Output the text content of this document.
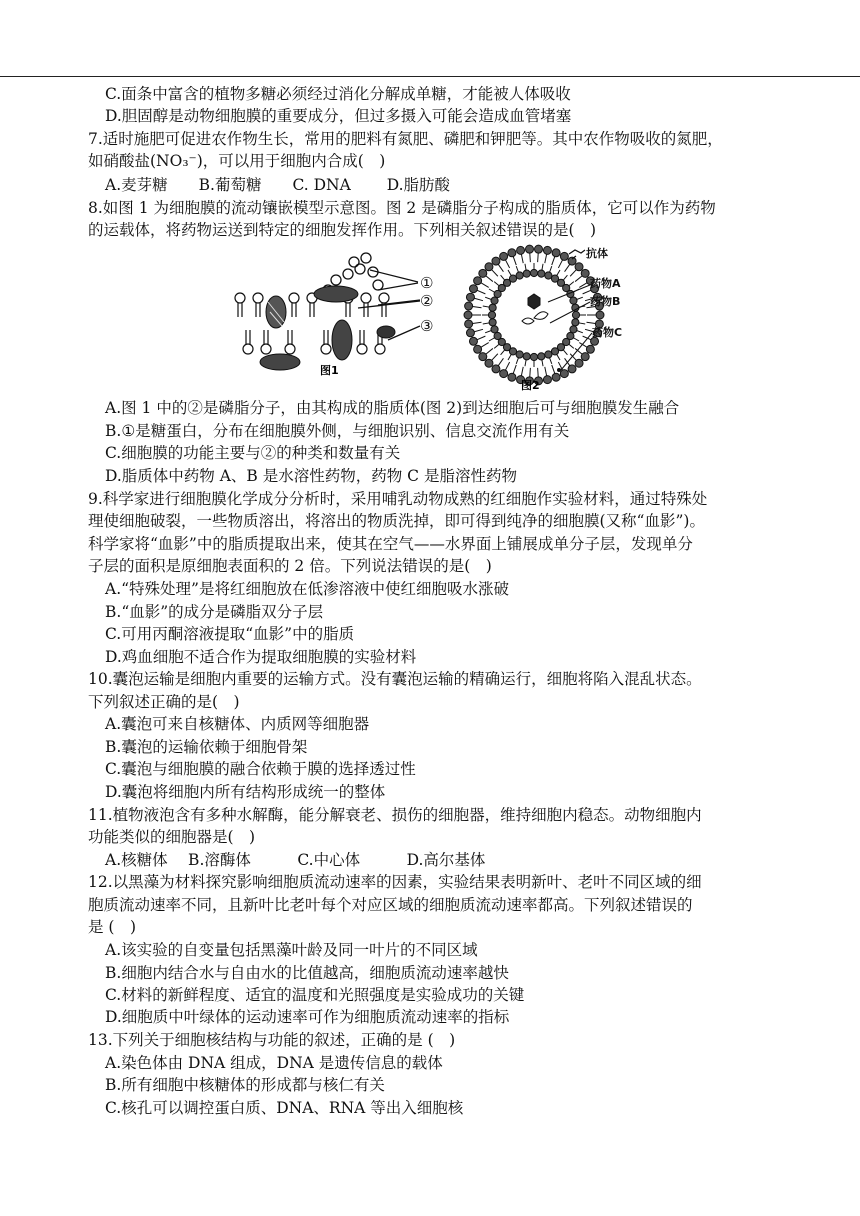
C.面条中富含的植物多糖必须经过消化分解成单糖，才能被人体吸收
D.胆固醇是动物细胞膜的重要成分，但过多摄入可能会造成血管堵塞
7.适时施肥可促进农作物生长，常用的肥料有氮肥、磷肥和钾肥等。其中农作物吸收的氮肥，
如硝酸盐(NO₃⁻)，可以用于细胞内合成(　)
A.麦芽糖　　B.葡萄糖　　C. DNA　　 D.脂肪酸
8.如图 1 为细胞膜的流动镶嵌模型示意图。图 2 是磷脂分子构成的脂质体，它可以作为药物
的运载体，将药物运送到特定的细胞发挥作用。下列相关叙述错误的是(　)
A.图 1 中的②是磷脂分子，由其构成的脂质体(图 2)到达细胞后可与细胞膜发生融合
B.①是糖蛋白，分布在细胞膜外侧，与细胞识别、信息交流作用有关
C.细胞膜的功能主要与②的种类和数量有关
D.脂质体中药物 A、B 是水溶性药物，药物 C 是脂溶性药物
9.科学家进行细胞膜化学成分分析时，采用哺乳动物成熟的红细胞作实验材料，通过特殊处
理使细胞破裂，一些物质溶出，将溶出的物质洗掉，即可得到纯净的细胞膜(又称“血影”)。
科学家将“血影”中的脂质提取出来，使其在空气——水界面上铺展成单分子层，发现单分
子层的面积是原细胞表面积的 2 倍。下列说法错误的是(　)
A.“特殊处理”是将红细胞放在低渗溶液中使红细胞吸水涨破
B.“血影”的成分是磷脂双分子层
C.可用丙酮溶液提取“血影”中的脂质
D.鸡血细胞不适合作为提取细胞膜的实验材料
10.囊泡运输是细胞内重要的运输方式。没有囊泡运输的精确运行，细胞将陷入混乱状态。
下列叙述正确的是(　)
A.囊泡可来自核糖体、内质网等细胞器
B.囊泡的运输依赖于细胞骨架
C.囊泡与细胞膜的融合依赖于膜的选择透过性
D.囊泡将细胞内所有结构形成统一的整体
11.植物液泡含有多种水解酶，能分解衰老、损伤的细胞器，维持细胞内稳态。动物细胞内
功能类似的细胞器是(　)
A.核糖体　 B.溶酶体　　　C.中心体　　　D.高尔基体
12.以黑藻为材料探究影响细胞质流动速率的因素，实验结果表明新叶、老叶不同区域的细
胞质流动速率不同，且新叶比老叶每个对应区域的细胞质流动速率都高。下列叙述错误的
是 (　)
A.该实验的自变量包括黑藻叶龄及同一叶片的不同区域
B.细胞内结合水与自由水的比值越高，细胞质流动速率越快
C.材料的新鲜程度、适宜的温度和光照强度是实验成功的关键
D.细胞质中叶绿体的运动速率可作为细胞质流动速率的指标
13.下列关于细胞核结构与功能的叙述，正确的是 (　)
A.染色体由 DNA 组成，DNA 是遗传信息的载体
B.所有细胞中核糖体的形成都与核仁有关
C.核孔可以调控蛋白质、DNA、RNA 等出入细胞核
①
②
③
图1
抗体
药物A
药物B
药物C
图2
